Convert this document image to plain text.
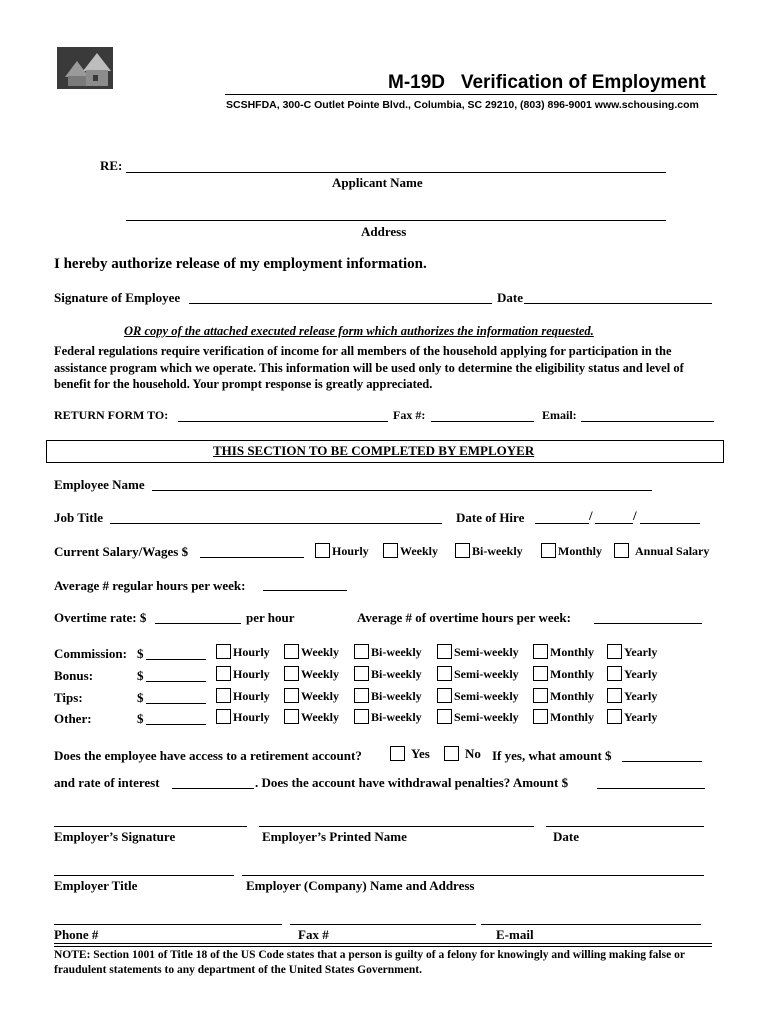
M-19D   Verification of Employment
SCSHFDA, 300-C Outlet Pointe Blvd., Columbia, SC 29210, (803) 896-9001 www.schousing.com
RE:
Applicant Name
Address
I hereby authorize release of my employment information.
Signature of Employee	Date
OR copy of the attached executed release form which authorizes the information requested.
Federal regulations require verification of income for all members of the household applying for participation in the assistance program which we operate. This information will be used only to determine the eligibility status and level of benefit for the household. Your prompt response is greatly appreciated.
RETURN FORM TO:	Fax #:	Email:
THIS SECTION TO BE COMPLETED BY EMPLOYER
Employee Name
Job Title	Date of Hire	/	/
Current Salary/Wages $	Hourly	Weekly	Bi-weekly	Monthly	Annual Salary
Average # regular hours per week:
Overtime rate: $	per hour	Average # of overtime hours per week:
Commission: $	Hourly	Weekly	Bi-weekly	Semi-weekly	Monthly	Yearly
Bonus:	$	Hourly	Weekly	Bi-weekly	Semi-weekly	Monthly	Yearly
Tips:	$	Hourly	Weekly	Bi-weekly	Semi-weekly	Monthly	Yearly
Other:	$	Hourly	Weekly	Bi-weekly	Semi-weekly	Monthly	Yearly
Does the employee have access to a retirement account?	Yes	No If yes, what amount $
and rate of interest	. Does the account have withdrawal penalties? Amount $
Employer’s Signature	Employer’s Printed Name	Date
Employer Title	Employer (Company) Name and Address
Phone #	Fax #	E-mail
NOTE: Section 1001 of Title 18 of the US Code states that a person is guilty of a felony for knowingly and willing making false or fraudulent statements to any department of the United States Government.
